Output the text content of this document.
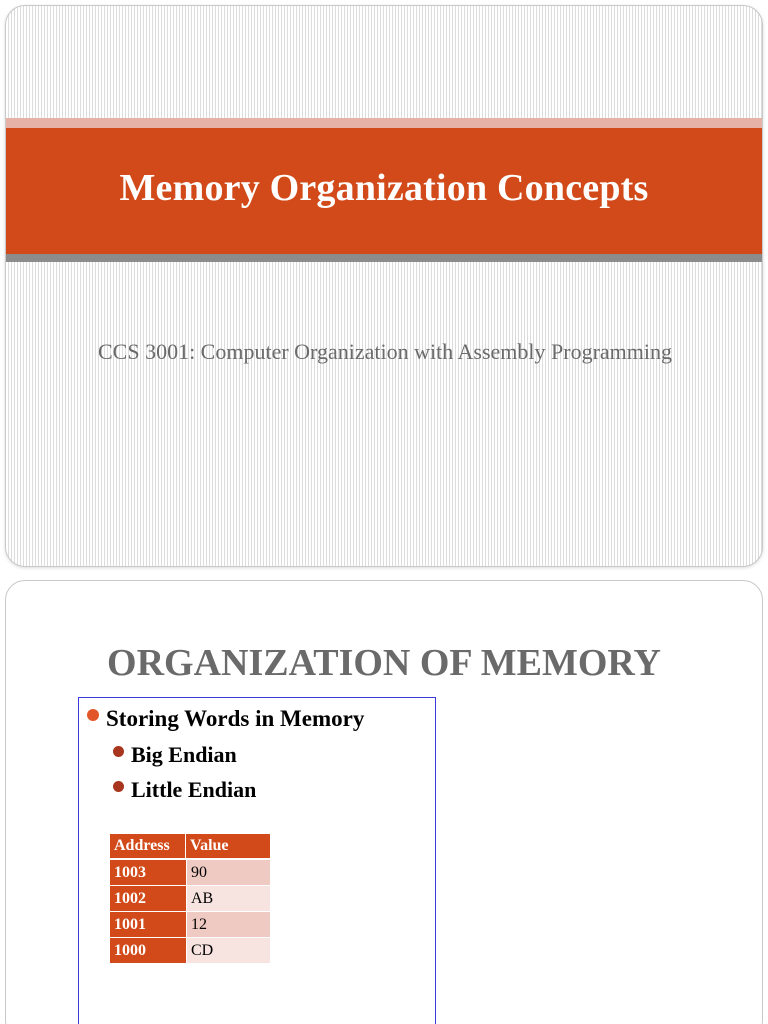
Memory Organization Concepts
CCS 3001: Computer Organization with Assembly Programming
ORGANIZATION OF MEMORY
Storing Words in Memory
Big Endian
Little Endian
Address	Value
1003	90
1002	AB
1001	12
1000	CD
